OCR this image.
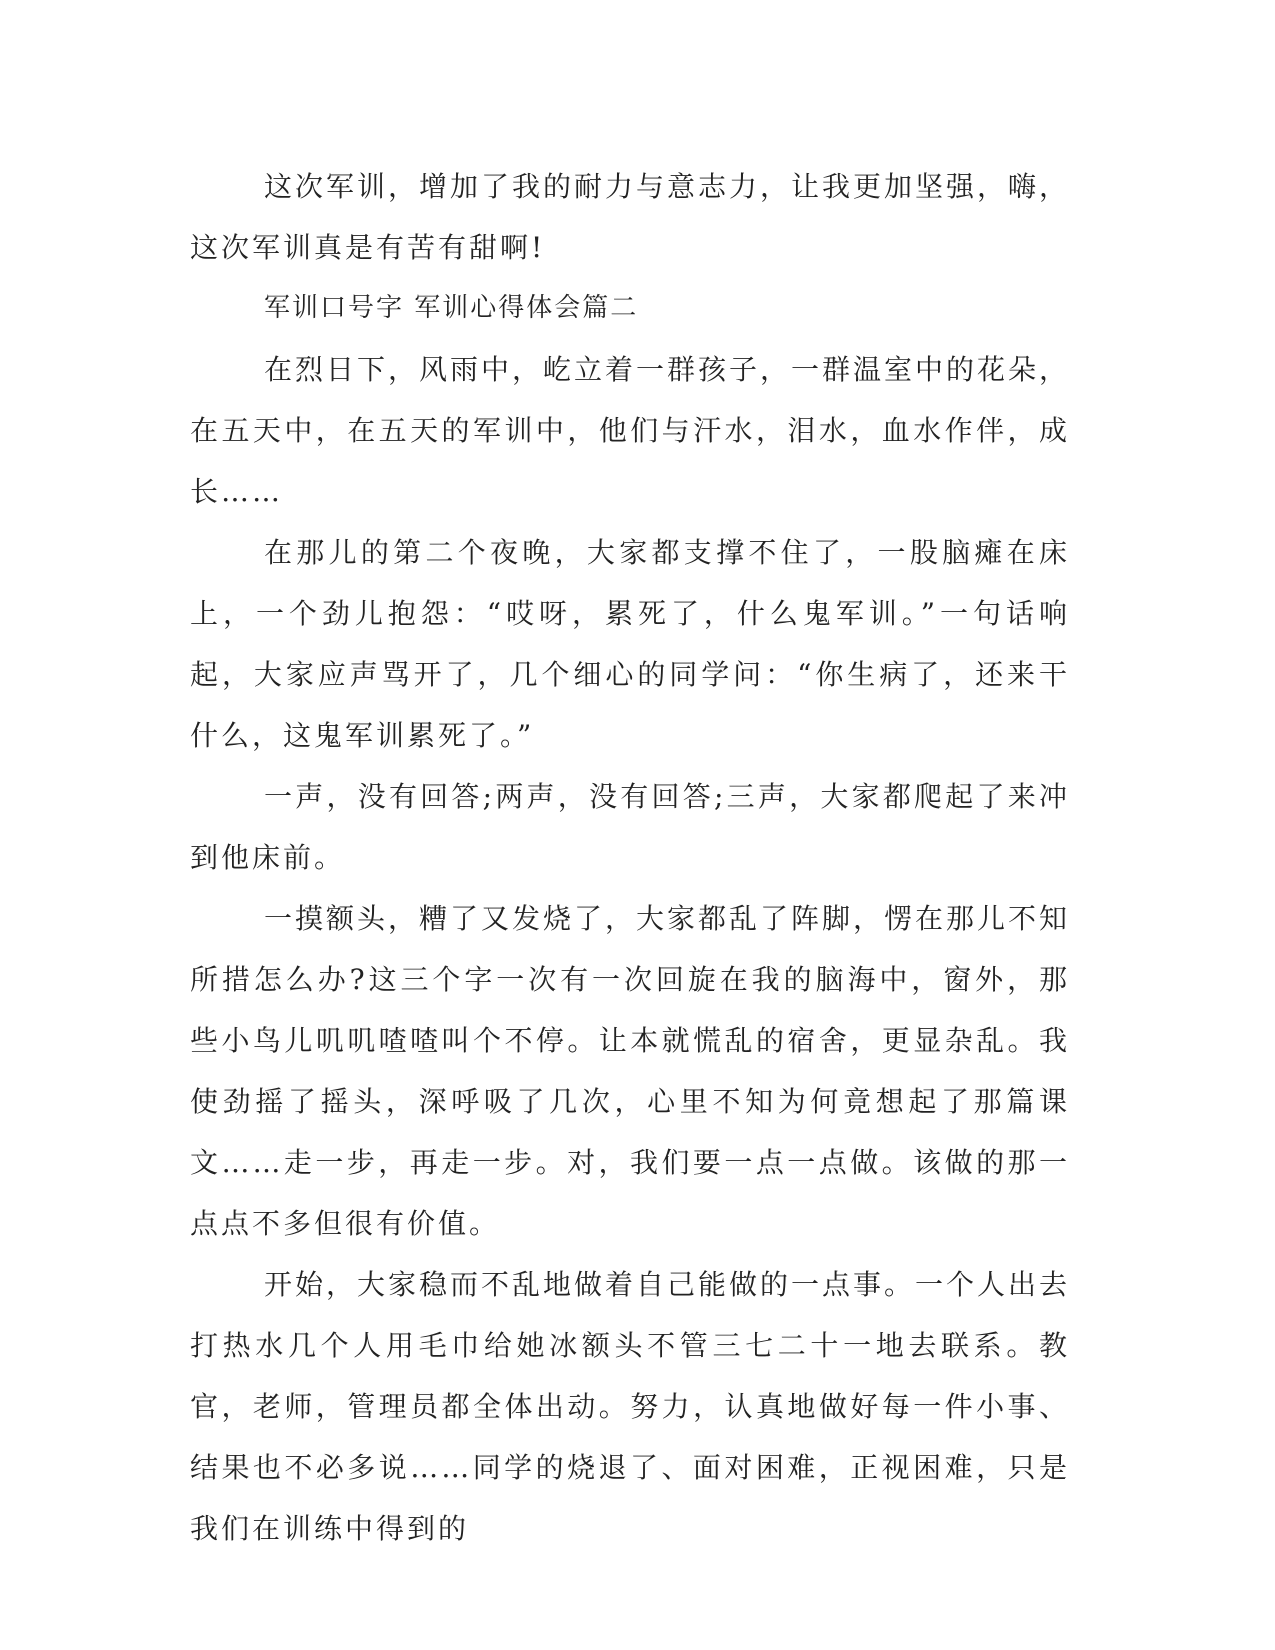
这次军训，增加了我的耐力与意志力，让我更加坚强，嗨，这次军训真是有苦有甜啊!

军训口号字 军训心得体会篇二

在烈日下，风雨中，屹立着一群孩子，一群温室中的花朵，在五天中，在五天的军训中，他们与汗水，泪水，血水作伴，成长……

在那儿的第二个夜晚，大家都支撑不住了，一股脑瘫在床上，一个劲儿抱怨：“哎呀，累死了，什么鬼军训。”一句话响起，大家应声骂开了，几个细心的同学问：“你生病了，还来干什么，这鬼军训累死了。”

一声，没有回答;两声，没有回答;三声，大家都爬起了来冲到他床前。

一摸额头，糟了又发烧了，大家都乱了阵脚，愣在那儿不知所措怎么办?这三个字一次有一次回旋在我的脑海中，窗外，那些小鸟儿叽叽喳喳叫个不停。让本就慌乱的宿舍，更显杂乱。我使劲摇了摇头，深呼吸了几次，心里不知为何竟想起了那篇课文……走一步，再走一步。对，我们要一点一点做。该做的那一点点不多但很有价值。

开始，大家稳而不乱地做着自己能做的一点事。一个人出去打热水几个人用毛巾给她冰额头不管三七二十一地去联系。教官，老师，管理员都全体出动。努力，认真地做好每一件小事、结果也不必多说……同学的烧退了、面对困难，正视困难，只是我们在训练中得到的
